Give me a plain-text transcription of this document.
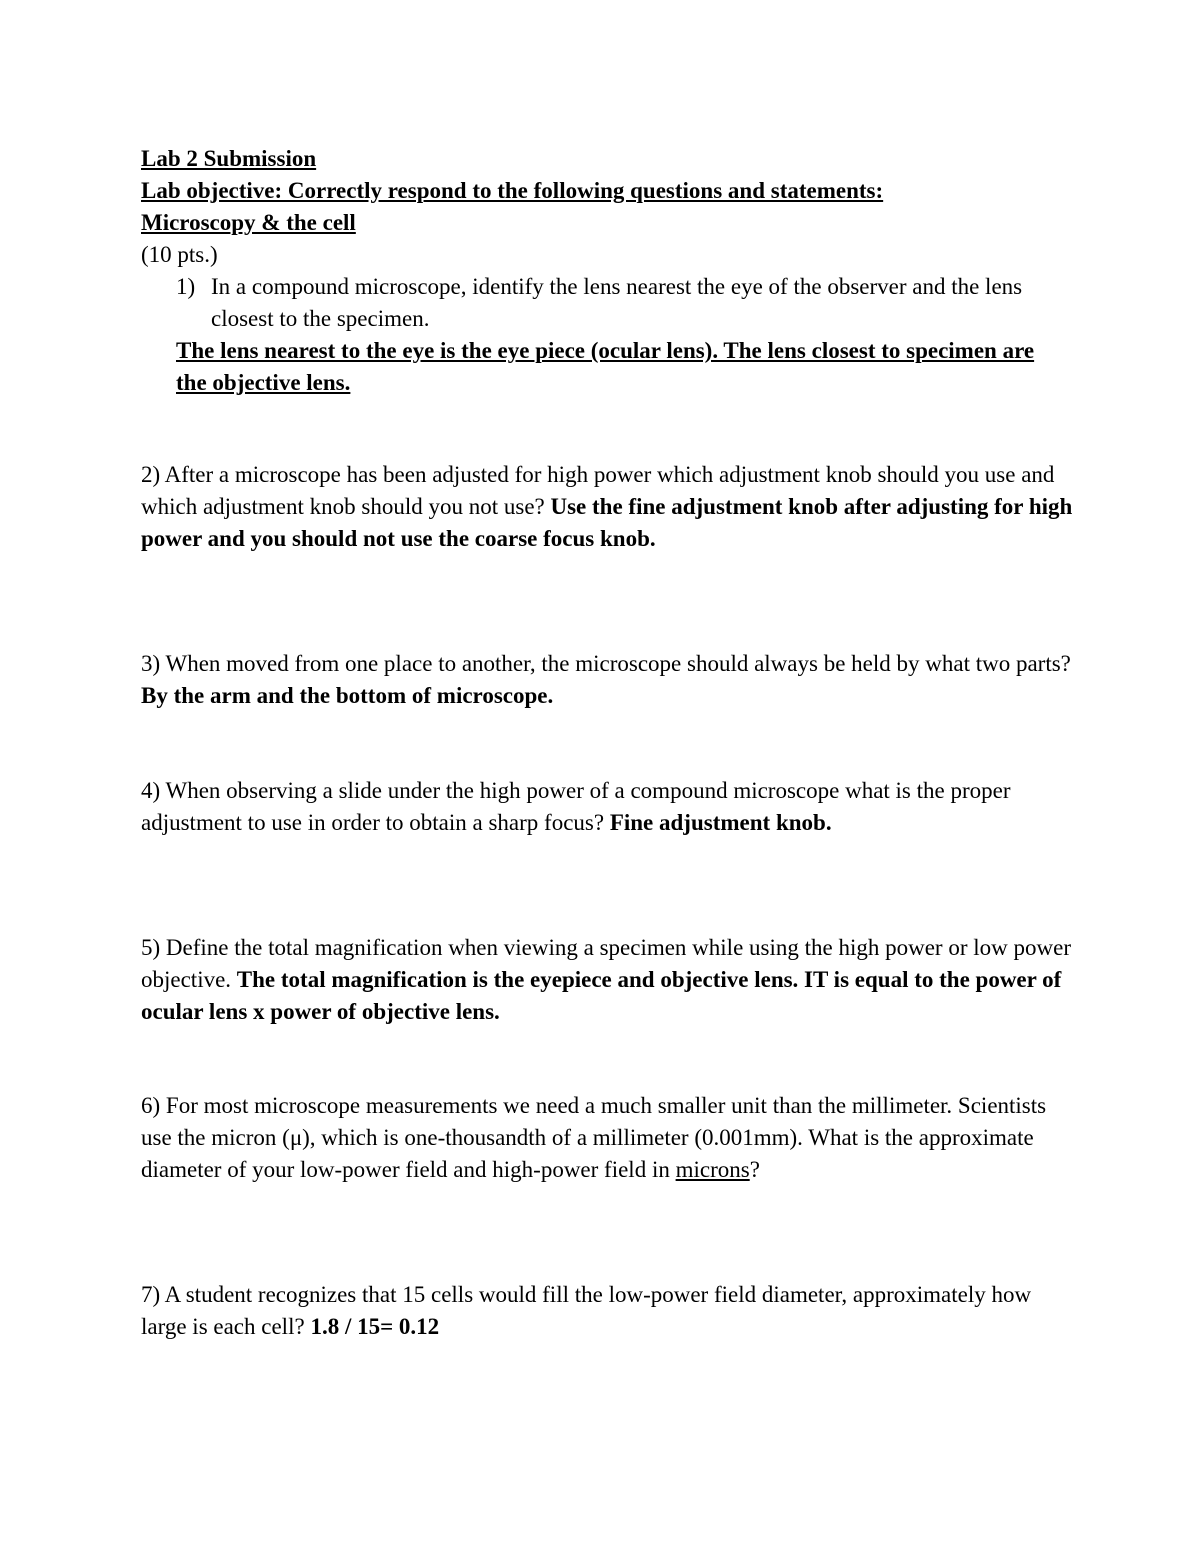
Lab 2 Submission

Lab objective: Correctly respond to the following questions and statements:

Microscopy & the cell

(10 pts.)

1) In a compound microscope, identify the lens nearest the eye of the observer and the lens closest to the specimen.

The lens nearest to the eye is the eye piece (ocular lens). The lens closest to specimen are the objective lens.

2) After a microscope has been adjusted for high power which adjustment knob should you use and which adjustment knob should you not use? Use the fine adjustment knob after adjusting for high power and you should not use the coarse focus knob.

3) When moved from one place to another, the microscope should always be held by what two parts? By the arm and the bottom of microscope.

4) When observing a slide under the high power of a compound microscope what is the proper adjustment to use in order to obtain a sharp focus? Fine adjustment knob.

5) Define the total magnification when viewing a specimen while using the high power or low power objective. The total magnification is the eyepiece and objective lens. IT is equal to the power of ocular lens x power of objective lens.

6) For most microscope measurements we need a much smaller unit than the millimeter. Scientists use the micron (μ), which is one-thousandth of a millimeter (0.001mm). What is the approximate diameter of your low-power field and high-power field in microns?

7) A student recognizes that 15 cells would fill the low-power field diameter, approximately how large is each cell? 1.8 / 15= 0.12
